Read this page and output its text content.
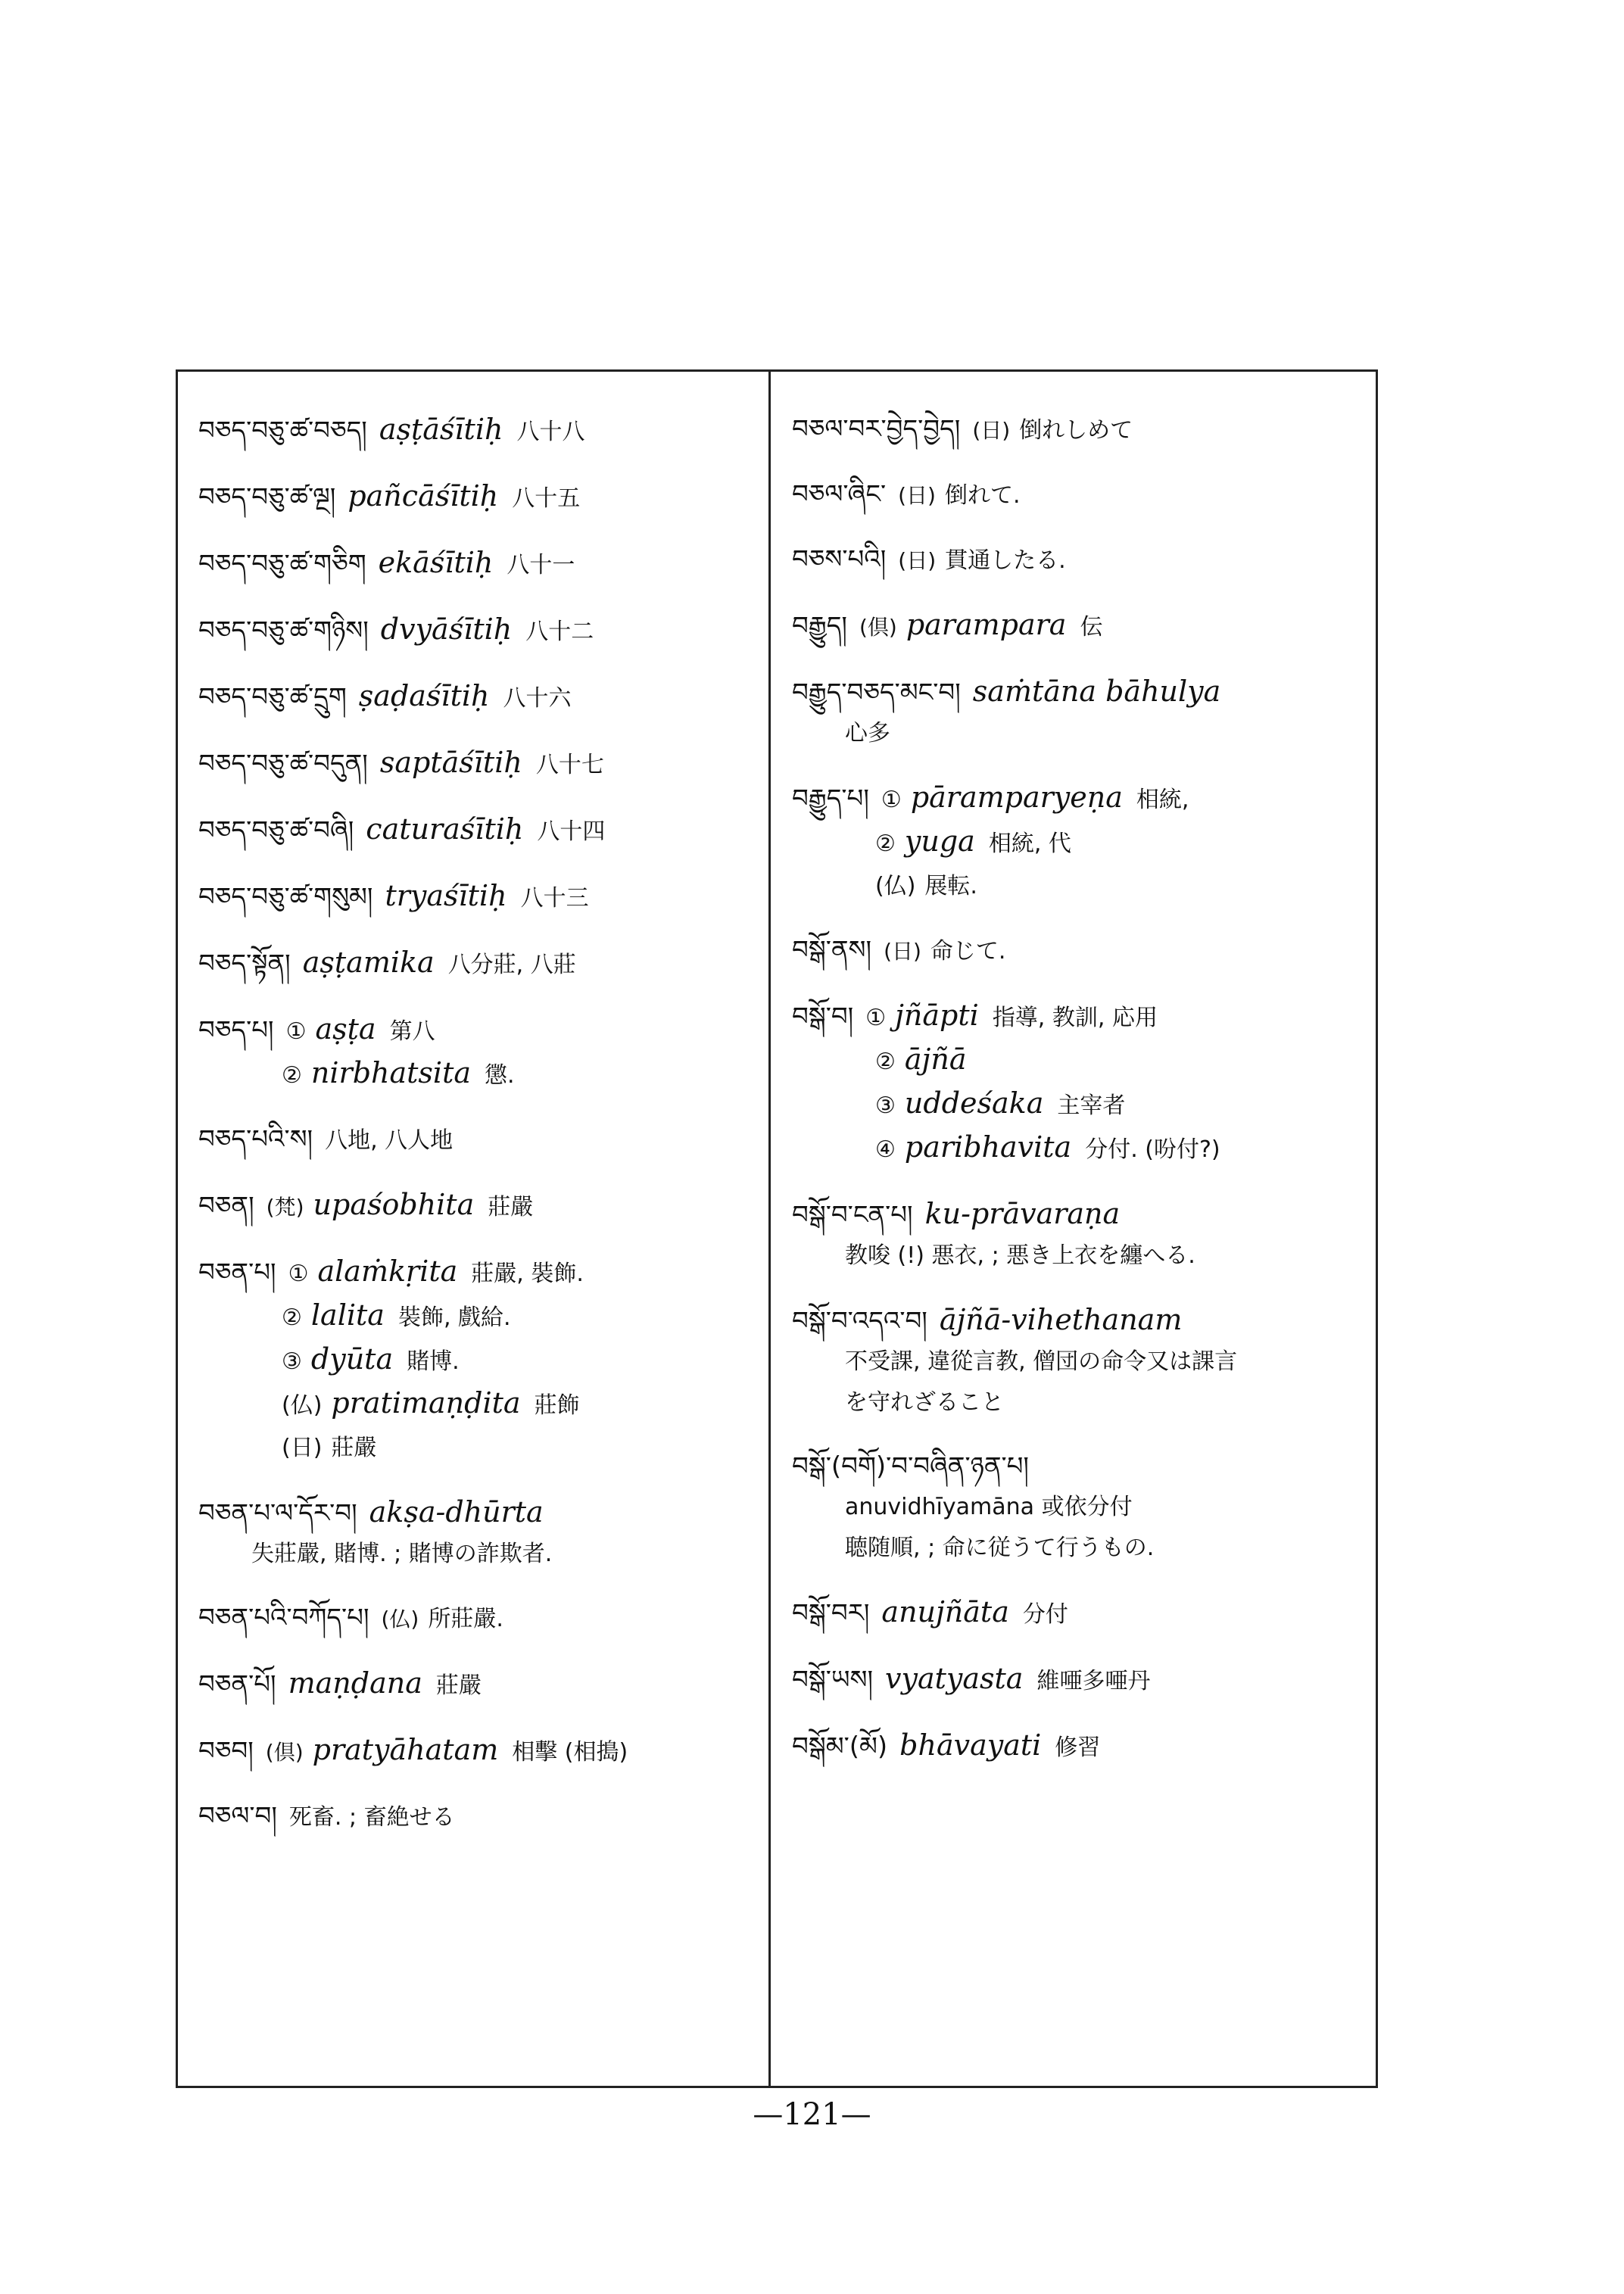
བཅད་བཅུ་ཚ་བཅད། aṣṭāśītiḥ 八十八
བཅད་བཅུ་ཚ་ལྔ། pañcāśītiḥ 八十五
བཅད་བཅུ་ཚ་གཅིག ekāśītiḥ 八十一
བཅད་བཅུ་ཚ་གཉིས། dvyāśītiḥ 八十二
བཅད་བཅུ་ཚ་དྲུག ṣaḍaśītiḥ 八十六
བཅད་བཅུ་ཚ་བདུན། saptāśītiḥ 八十七
བཅད་བཅུ་ཚ་བཞི། caturaśītiḥ 八十四
བཅད་བཅུ་ཚ་གསུམ། tryaśītiḥ 八十三
བཅད་སྟོན། aṣṭamika 八分莊, 八莊
བཅད་པ། ① aṣṭa 第八
② nirbhatsita 懲.
བཅད་པའི་ས། 八地, 八人地
བཅན། (梵) upaśobhita 莊嚴
བཅན་པ། ① alaṁkṛita 莊嚴, 裝飾.
② lalita 裝飾, 戲給.
③ dyūta 賭博.
(仏) pratimaṇḍita 莊飾
(日) 莊嚴
བཅན་པ་ལ་དོར་བ། akṣa-dhūrta
失莊嚴, 賭博. ; 賭博の詐欺者.
བཅན་པའི་བཀོད་པ། (仏) 所莊嚴.
བཅན་པོ། maṇḍana 莊嚴
བཅབ། (倶) pratyāhatam 相擊 (相搗)
བཅལ་བ། 死畜. ; 畜絶せる
བཅལ་བར་བྱེད་བྱེད། (日) 倒れしめて
བཅལ་ཞིང་ (日) 倒れて.
བཅས་པའི། (日) 貫通したる.
བརྒྱུད། (倶) parampara 伝
བརྒྱུད་བཅད་མང་བ། saṁtāna bāhulya
心多
བརྒྱུད་པ། ① pāramparyeṇa 相統,
② yuga 相統, 代
(仏) 展転.
བསྒོ་ནས། (日) 命じて.
བསྒོ་བ། ① jñāpti 指導, 教訓, 応用
② ājñā
③ uddeśaka 主宰者
④ paribhavita 分付. (吩付?)
བསྒོ་བ་ངན་པ། ku-prāvaraṇa
教唆 (!) 悪衣, ; 悪き上衣を纏へる.
བསྒོ་བ་འདའ་བ། ājñā-vihethanam
不受課, 違從言教, 僧団の命令又は課言
を守れざること
བསྒོ་(བགོ)་བ་བཞིན་ཉན་པ།
anuvidhīyamāna 或依分付
聴随順, ; 命に従うて行うもの.
བསྒོ་བར། anujñāta 分付
བསྒོ་ཡས། vyatyasta 維唖多唖丹
བསྒོམ་(མོ) bhāvayati 修習
—121—
